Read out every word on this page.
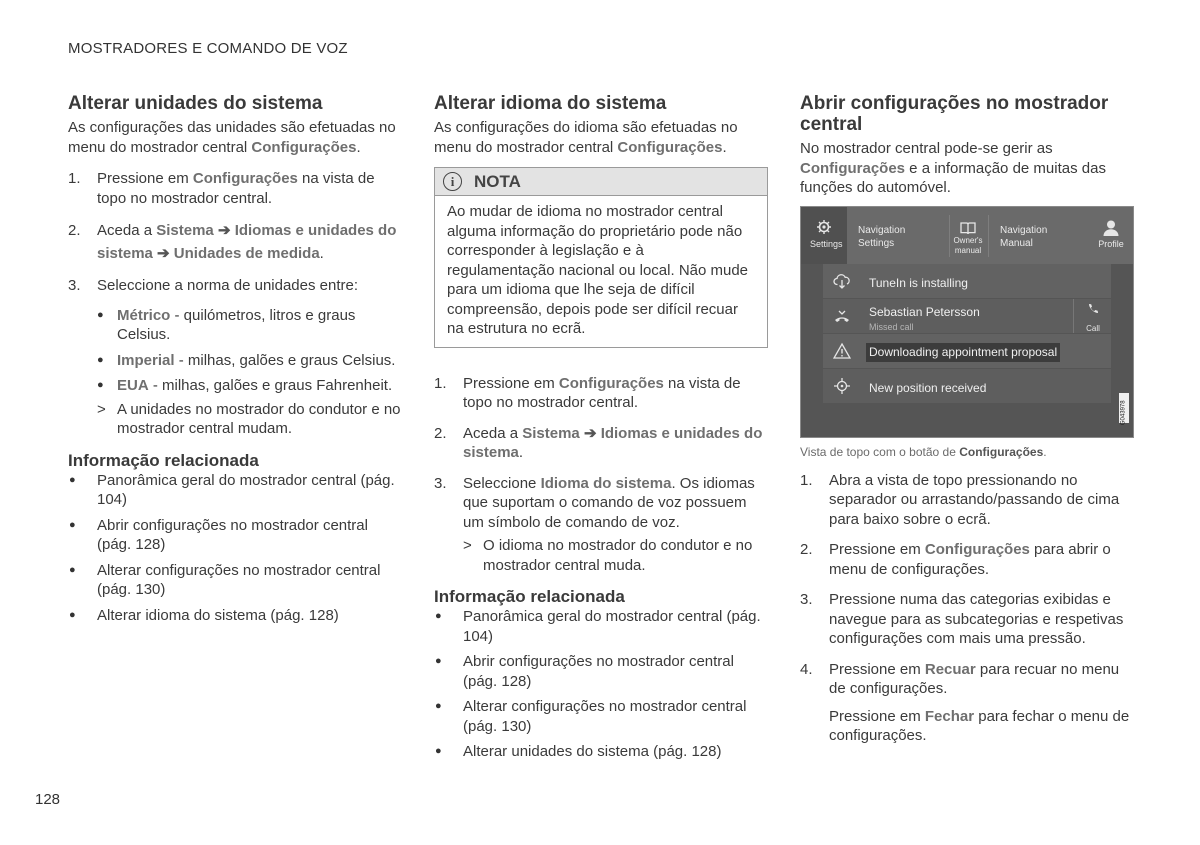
MOSTRADORES E COMANDO DE VOZ
Alterar unidades do sistema

As configurações das unidades são efetuadas no menu do mostrador central Configurações.

1. Pressione em Configurações na vista de topo no mostrador central.
2. Aceda a Sistema ➔ Idiomas e unidades do sistema ➔ Unidades de medida.
3. Seleccione a norma de unidades entre:
● Métrico - quilómetros, litros e graus Celsius.
● Imperial - milhas, galões e graus Celsius.
● EUA - milhas, galões e graus Fahrenheit.
> A unidades no mostrador do condutor e no mostrador central mudam.
Informação relacionada
● Panorâmica geral do mostrador central (pág. 104)
● Abrir configurações no mostrador central (pág. 128)
● Alterar configurações no mostrador central (pág. 130)
● Alterar idioma do sistema (pág. 128)
Alterar idioma do sistema

As configurações do idioma são efetuadas no menu do mostrador central Configurações.

i	NOTA
Ao mudar de idioma no mostrador central alguma informação do proprietário pode não corresponder à legislação e à regulamentação nacional ou local. Não mude para um idioma que lhe seja de difícil compreensão, depois pode ser difícil recuar na estrutura no ecrã.
1. Pressione em Configurações na vista de topo no mostrador central.
2. Aceda a Sistema ➔ Idiomas e unidades do sistema.
3. Seleccione Idioma do sistema. Os idiomas que suportam o comando de voz possuem um símbolo de comando de voz.
> O idioma no mostrador do condutor e no mostrador central muda.
Informação relacionada
● Panorâmica geral do mostrador central (pág. 104)
● Abrir configurações no mostrador central (pág. 128)
● Alterar configurações no mostrador central (pág. 130)
● Alterar unidades do sistema (pág. 128)
Abrir configurações no mostrador central

No mostrador central pode-se gerir as Configurações e a informação de muitas das funções do automóvel.

Settings
Navigation
Settings	Owner's
manual
Navigation
Manual	Profile
TuneIn is installing
Sebastian Petersson
Missed call	Call
Downloading appointment proposal
New position received
G043978
Vista de topo com o botão de Configurações.
1. Abra a vista de topo pressionando no separador ou arrastando/passando de cima para baixo sobre o ecrã.
2. Pressione em Configurações para abrir o menu de configurações.
3. Pressione numa das categorias exibidas e navegue para as subcategorias e respetivas configurações com mais uma pressão.
4. Pressione em Recuar para recuar no menu de configurações.
Pressione em Fechar para fechar o menu de configurações.
128
